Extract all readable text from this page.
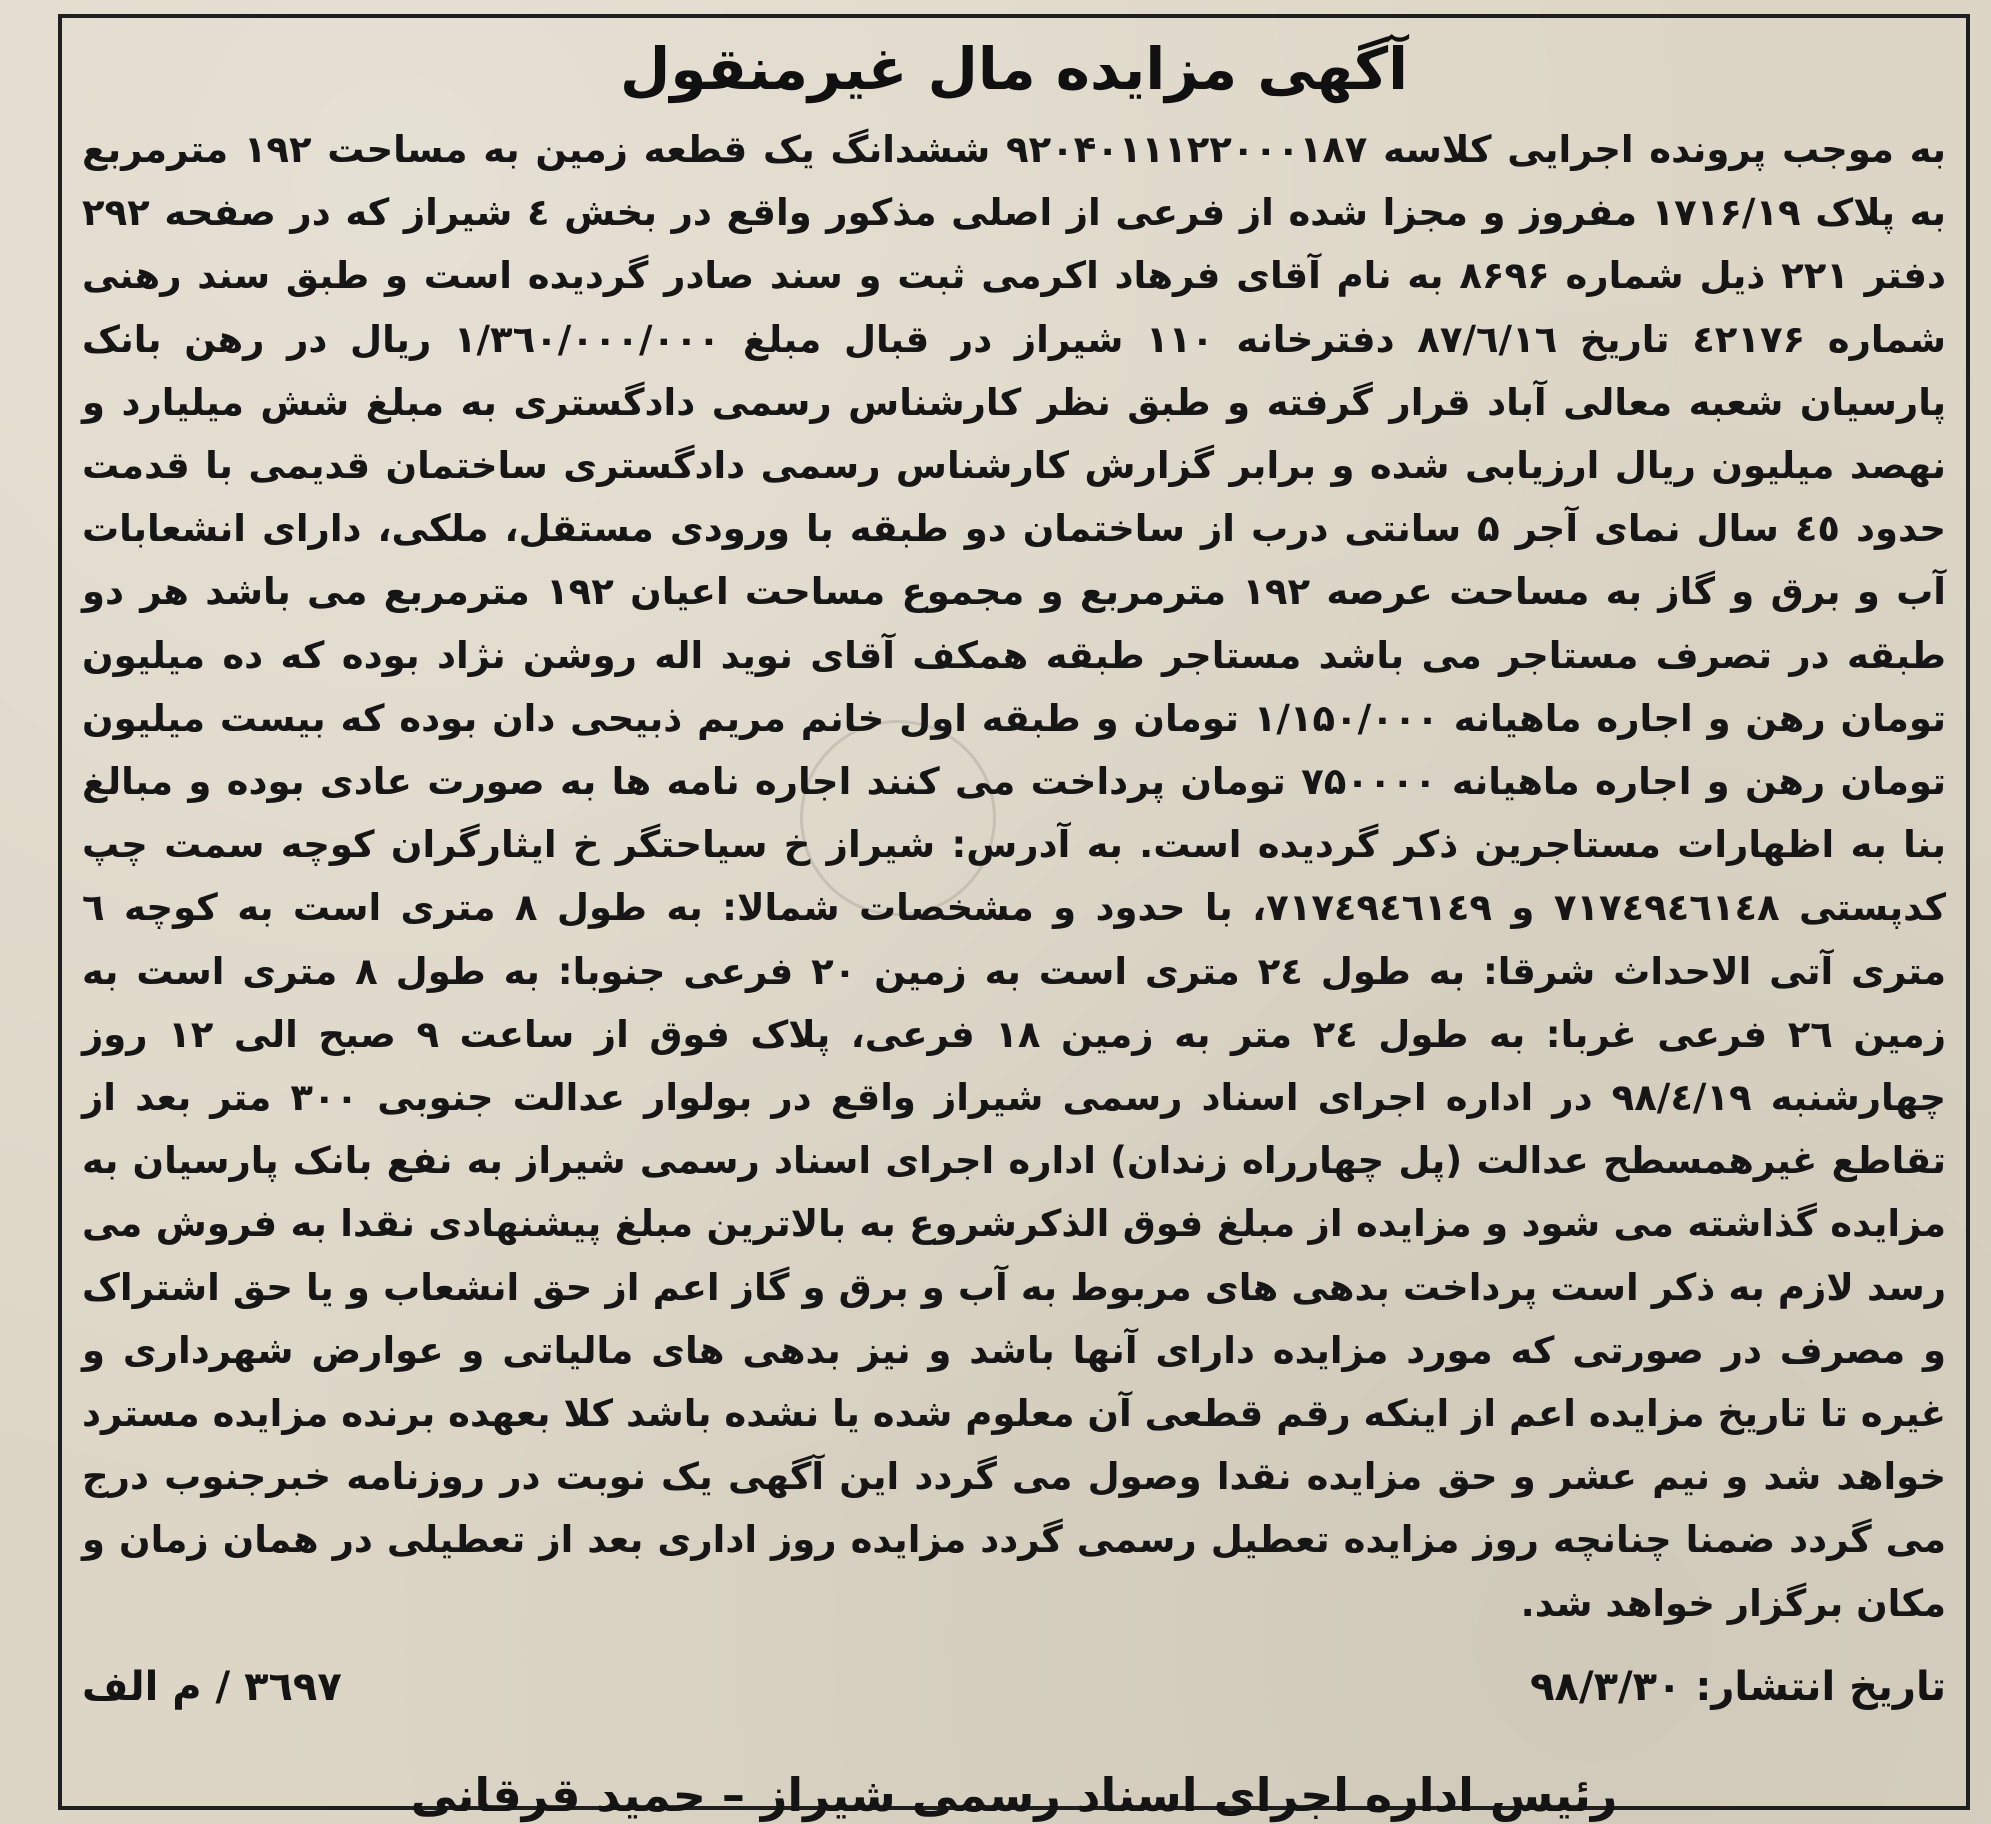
آگهی مزایده مال غیرمنقول

به موجب پرونده اجرایی کلاسه ۹۲۰۴۰۱۱۱۲۲۰۰۰۱۸۷ ششدانگ یک قطعه زمین به مساحت ۱۹۲ مترمربع به پلاک ۱۷۱۶/۱۹ مفروز و مجزا شده از فرعی از اصلی مذکور واقع در بخش ٤ شیراز که در صفحه ۲۹۲ دفتر ۲۲۱ ذیل شماره ۸۶۹۶ به نام آقای فرهاد اکرمی ثبت و سند صادر گردیده است و طبق سند رهنی شماره ٤۲۱۷۶ تاریخ ۸۷/٦/۱٦ دفترخانه ۱۱۰ شیراز در قبال مبلغ ۱/۳٦۰/۰۰۰/۰۰۰ ریال در رهن بانک پارسیان شعبه معالی آباد قرار گرفته و طبق نظر کارشناس رسمی دادگستری به مبلغ شش میلیارد و نهصد میلیون ریال ارزیابی شده و برابر گزارش کارشناس رسمی دادگستری ساختمان قدیمی با قدمت حدود ٤٥ سال نمای آجر ۵ سانتی درب از ساختمان دو طبقه با ورودی مستقل، ملکی، دارای انشعابات آب و برق و گاز به مساحت عرصه ۱۹۲ مترمربع و مجموع مساحت اعیان ۱۹۲ مترمربع می باشد هر دو طبقه در تصرف مستاجر می باشد مستاجر طبقه همکف آقای نوید اله روشن نژاد بوده که ده میلیون تومان رهن و اجاره ماهیانه ۱/۱۵۰/۰۰۰ تومان و طبقه اول خانم مریم ذبیحی دان بوده که بیست میلیون تومان رهن و اجاره ماهیانه ۷۵۰۰۰۰ تومان پرداخت می کنند اجاره نامه ها به صورت عادی بوده و مبالغ بنا به اظهارات مستاجرین ذکر گردیده است. به آدرس: شیراز خ سیاحتگر خ ایثارگران کوچه سمت چپ کدپستی ۷۱۷٤۹٤٦۱٤۸ و ۷۱۷٤۹٤٦۱٤۹، با حدود و مشخصات شمالا: به طول ۸ متری است به کوچه ٦ متری آتی الاحداث شرقا: به طول ۲٤ متری است به زمین ۲۰ فرعی جنوبا: به طول ۸ متری است به زمین ۲٦ فرعی غربا: به طول ۲٤ متر به زمین ۱۸ فرعی، پلاک فوق از ساعت ۹ صبح الی ۱۲ روز چهارشنبه ۹۸/٤/۱۹ در اداره اجرای اسناد رسمی شیراز واقع در بولوار عدالت جنوبی ۳۰۰ متر بعد از تقاطع غیرهمسطح عدالت (پل چهارراه زندان) اداره اجرای اسناد رسمی شیراز به نفع بانک پارسیان به مزایده گذاشته می شود و مزایده از مبلغ فوق الذکرشروع به بالاترین مبلغ پیشنهادی نقدا به فروش می رسد لازم به ذکر است پرداخت بدهی های مربوط به آب و برق و گاز اعم از حق انشعاب و یا حق اشتراک و مصرف در صورتی که مورد مزایده دارای آنها باشد و نیز بدهی های مالیاتی و عوارض شهرداری و غیره تا تاریخ مزایده اعم از اینکه رقم قطعی آن معلوم شده یا نشده باشد کلا بعهده برنده مزایده مسترد خواهد شد و نیم عشر و حق مزایده نقدا وصول می گردد این آگهی یک نوبت در روزنامه خبرجنوب درج می گردد ضمنا چنانچه روز مزایده تعطیل رسمی گردد مزایده روز اداری بعد از تعطیلی در همان زمان و مکان برگزار خواهد شد.

تاریخ انتشار: ۹۸/۳/۳۰
۳٦۹۷ / م الف
رئیس اداره اجرای اسناد رسمی شیراز – حمید قرقانی
